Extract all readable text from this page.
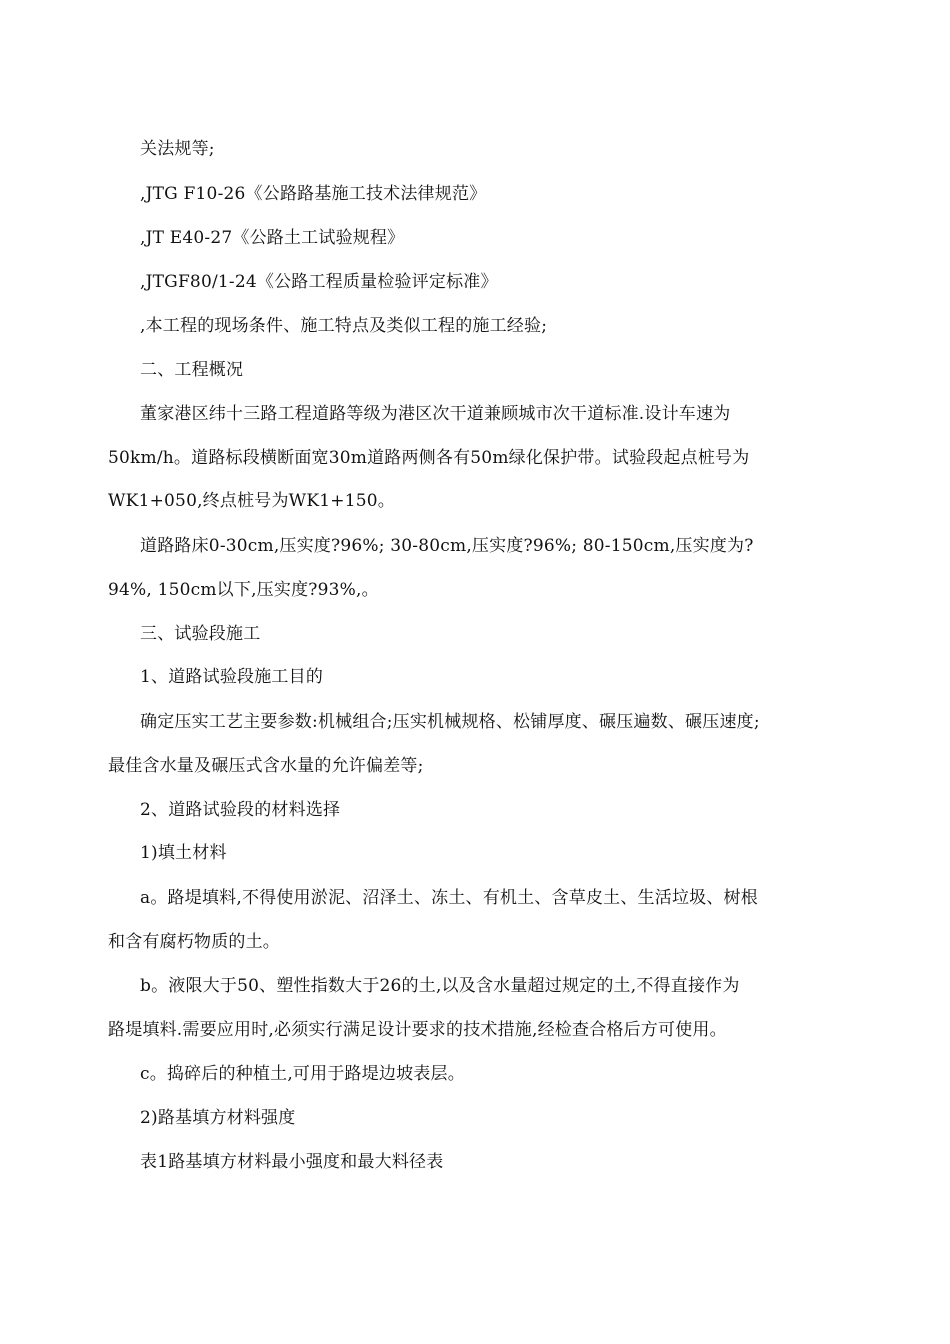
关法规等;
,JTG F10-26《公路路基施工技术法律规范》
,JT E40-27《公路土工试验规程》
,JTGF80/1-24《公路工程质量检验评定标准》
,本工程的现场条件、施工特点及类似工程的施工经验;
二、工程概况
董家港区纬十三路工程道路等级为港区次干道兼顾城市次干道标准.设计车速为
50km/h。道路标段横断面宽30m道路两侧各有50m绿化保护带。试验段起点桩号为
WK1+050,终点桩号为WK1+150。
道路路床0-30cm,压实度?96%; 30-80cm,压实度?96%; 80-150cm,压实度为?
94%, 150cm以下,压实度?93%,。
三、试验段施工
1、道路试验段施工目的
确定压实工艺主要参数:机械组合;压实机械规格、松铺厚度、碾压遍数、碾压速度;
最佳含水量及碾压式含水量的允许偏差等;
2、道路试验段的材料选择
1)填土材料
a。路堤填料,不得使用淤泥、沼泽土、冻土、有机土、含草皮土、生活垃圾、树根
和含有腐朽物质的土。
b。液限大于50、塑性指数大于26的土,以及含水量超过规定的土,不得直接作为
路堤填料.需要应用时,必须实行满足设计要求的技术措施,经检查合格后方可使用。
c。捣碎后的种植土,可用于路堤边坡表层。
2)路基填方材料强度
表1路基填方材料最小强度和最大料径表
